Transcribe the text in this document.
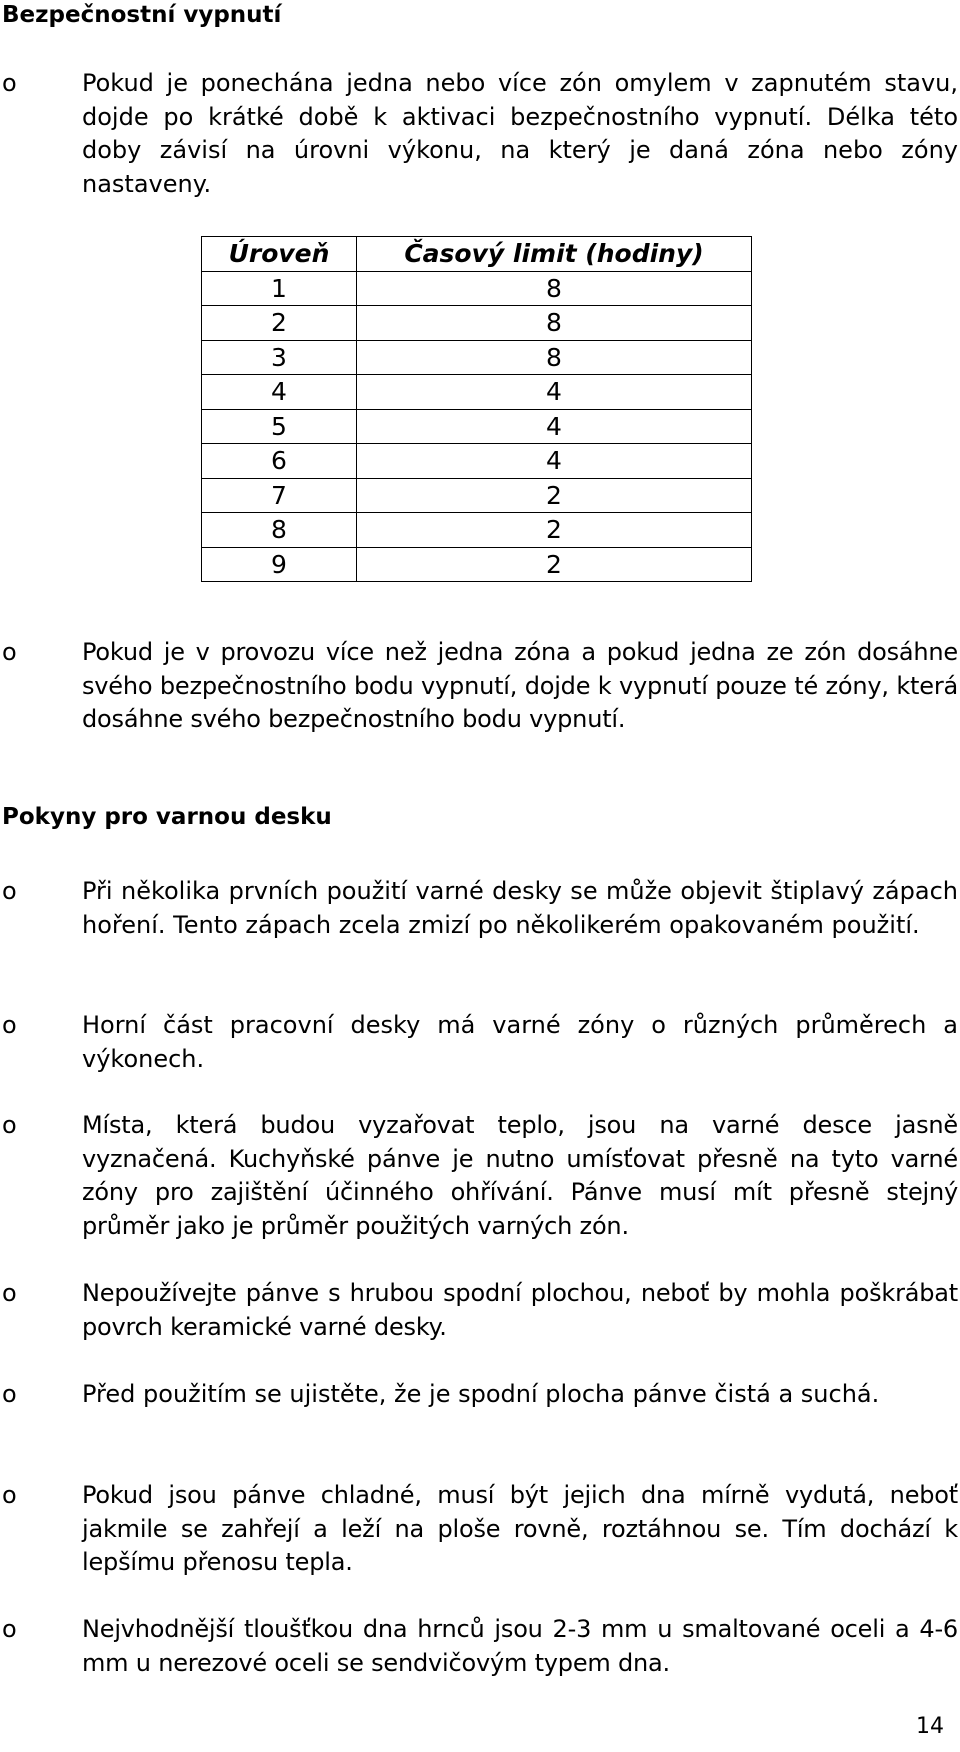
Bezpečnostní vypnutí
o	Pokud je ponechána jedna nebo více zón omylem v zapnutém stavu, dojde po krátké době k aktivaci bezpečnostního vypnutí. Délka této doby závisí na úrovni výkonu, na který je daná zóna nebo zóny nastaveny.

Úroveň	Časový limit (hodiny)
1	8
2	8
3	8
4	4
5	4
6	4
7	2
8	2
9	2
o	Pokud je v provozu více než jedna zóna a pokud jedna ze zón dosáhne svého bezpečnostního bodu vypnutí, dojde k vypnutí pouze té zóny, která dosáhne svého bezpečnostního bodu vypnutí.

Pokyny pro varnou desku
o	Při několika prvních použití varné desky se může objevit štiplavý zápach hoření. Tento zápach zcela zmizí po několikerém opakovaném použití.

o	Horní část pracovní desky má varné zóny o různých průměrech a výkonech.

o	Místa, která budou vyzařovat teplo, jsou na varné desce jasně vyznačená. Kuchyňské pánve je nutno umísťovat přesně na tyto varné zóny pro zajištění účinného ohřívání. Pánve musí mít přesně stejný průměr jako je průměr použitých varných zón.

o	Nepoužívejte pánve s hrubou spodní plochou, neboť by mohla poškrábat povrch keramické varné desky.

o	Před použitím se ujistěte, že je spodní plocha pánve čistá a suchá.

o	Pokud jsou pánve chladné, musí být jejich dna mírně vydutá, neboť jakmile se zahřejí a leží na ploše rovně, roztáhnou se. Tím dochází k lepšímu přenosu tepla.

o	Nejvhodnější tloušťkou dna hrnců jsou 2-3 mm u smaltované oceli a 4-6 mm u nerezové oceli se sendvičovým typem dna.

14
